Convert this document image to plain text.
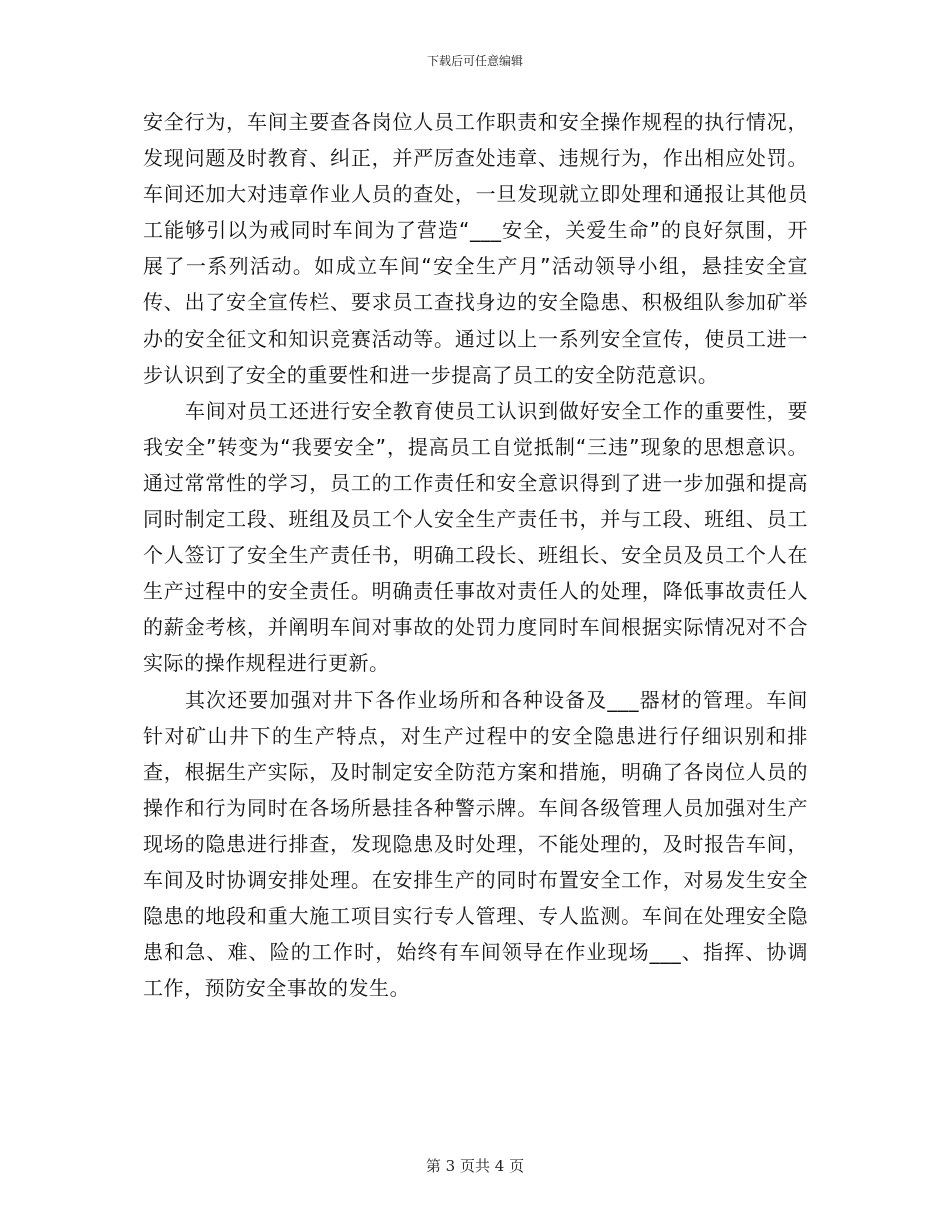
下载后可任意编辑

安全行为，车间主要查各岗位人员工作职责和安全操作规程的执行情况，发现问题及时教育、纠正，并严厉查处违章、违规行为，作出相应处罚。车间还加大对违章作业人员的查处，一旦发现就立即处理和通报让其他员工能够引以为戒同时车间为了营造“___安全，关爱生命”的良好氛围，开展了一系列活动。如成立车间“安全生产月”活动领导小组，悬挂安全宣传、出了安全宣传栏、要求员工查找身边的安全隐患、积极组队参加矿举办的安全征文和知识竞赛活动等。通过以上一系列安全宣传，使员工进一步认识到了安全的重要性和进一步提高了员工的安全防范意识。

车间对员工还进行安全教育使员工认识到做好安全工作的重要性，要我安全”转变为“我要安全”，提高员工自觉抵制“三违”现象的思想意识。通过常常性的学习，员工的工作责任和安全意识得到了进一步加强和提高同时制定工段、班组及员工个人安全生产责任书，并与工段、班组、员工个人签订了安全生产责任书，明确工段长、班组长、安全员及员工个人在生产过程中的安全责任。明确责任事故对责任人的处理，降低事故责任人的薪金考核，并阐明车间对事故的处罚力度同时车间根据实际情况对不合实际的操作规程进行更新。

其次还要加强对井下各作业场所和各种设备及___器材的管理。车间针对矿山井下的生产特点，对生产过程中的安全隐患进行仔细识别和排查，根据生产实际，及时制定安全防范方案和措施，明确了各岗位人员的操作和行为同时在各场所悬挂各种警示牌。车间各级管理人员加强对生产现场的隐患进行排查，发现隐患及时处理，不能处理的，及时报告车间，车间及时协调安排处理。在安排生产的同时布置安全工作，对易发生安全隐患的地段和重大施工项目实行专人管理、专人监测。车间在处理安全隐患和急、难、险的工作时，始终有车间领导在作业现场___、指挥、协调工作，预防安全事故的发生。

第 3 页共 4 页
